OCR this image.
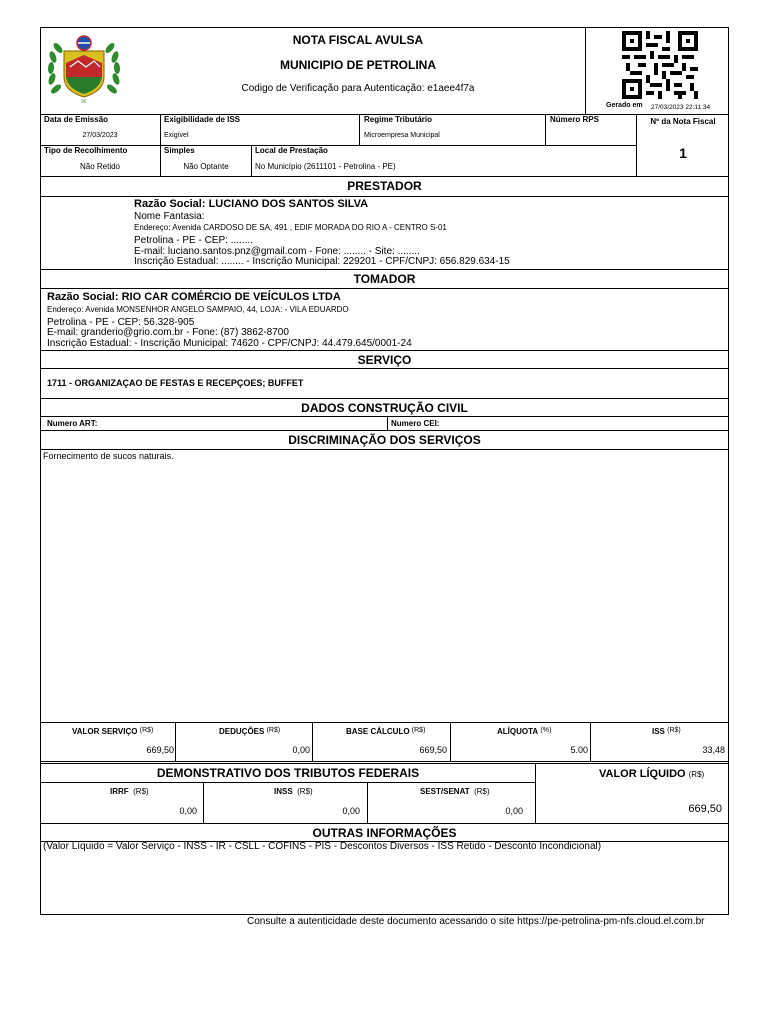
PE
NOTA FISCAL AVULSA
MUNICIPIO DE PETROLINA
Codigo de Verificação para Autenticação: e1aee4f7a
Gerado em 27/03/2023 22:11:34
Data de Emissão
27/03/2023
Exigibilidade de ISS
Exigível
Regime Tributário
Microempresa Municipal
Número RPS	Nº da Nota Fiscal
1
Tipo de Recolhimento
Não Retido
Simples
Não Optante
Local de Prestação
No Município (2611101 - Petrolina - PE)
PRESTADOR
Razão Social: LUCIANO DOS SANTOS SILVA
Nome Fantasia:
Endereço: Avenida CARDOSO DE SA, 491 , EDIF MORADA DO RIO A - CENTRO S-01
Petrolina - PE - CEP: ........
E-mail: luciano.santos.pnz@gmail.com - Fone: ........ - Site: ........
Inscrição Estadual: ........ - Inscrição Municipal: 229201 - CPF/CNPJ: 656.829.634-15
TOMADOR
Razão Social: RIO CAR COMÉRCIO DE VEÍCULOS LTDA
Endereço: Avenida MONSENHOR ANGELO SAMPAIO, 44, LOJA: - VILA EDUARDO
Petrolina - PE - CEP: 56.328-905
E-mail: granderio@grio.com.br - Fone: (87) 3862-8700
Inscrição Estadual: - Inscrição Municipal: 74620 - CPF/CNPJ: 44.479.645/0001-24
SERVIÇO
1711 - ORGANIZAÇAO DE FESTAS E RECEPÇOES; BUFFET
DADOS CONSTRUÇÃO CIVIL
Numero ART:	Numero CEI:
DISCRIMINAÇÃO DOS SERVIÇOS
Fornecimento de sucos naturais.
VALOR SERVIÇO (R$)
669,50
DEDUÇÕES (R$)
0,00
BASE CÁLCULO (R$)
669,50
ALÍQUOTA (%)
5.00
ISS (R$)
33,48
DEMONSTRATIVO DOS TRIBUTOS FEDERAIS
IRRF (R$)
0,00
INSS (R$)
0,00
SEST/SENAT (R$)
0,00
VALOR LÍQUIDO (R$)
669,50
OUTRAS INFORMAÇÕES
(Valor Líquido = Valor Serviço - INSS - IR - CSLL - COFINS - PIS - Descontos Diversos - ISS Retido - Desconto Incondicional)
Consulte a autenticidade deste documento acessando o site https://pe-petrolina-pm-nfs.cloud.el.com.br
